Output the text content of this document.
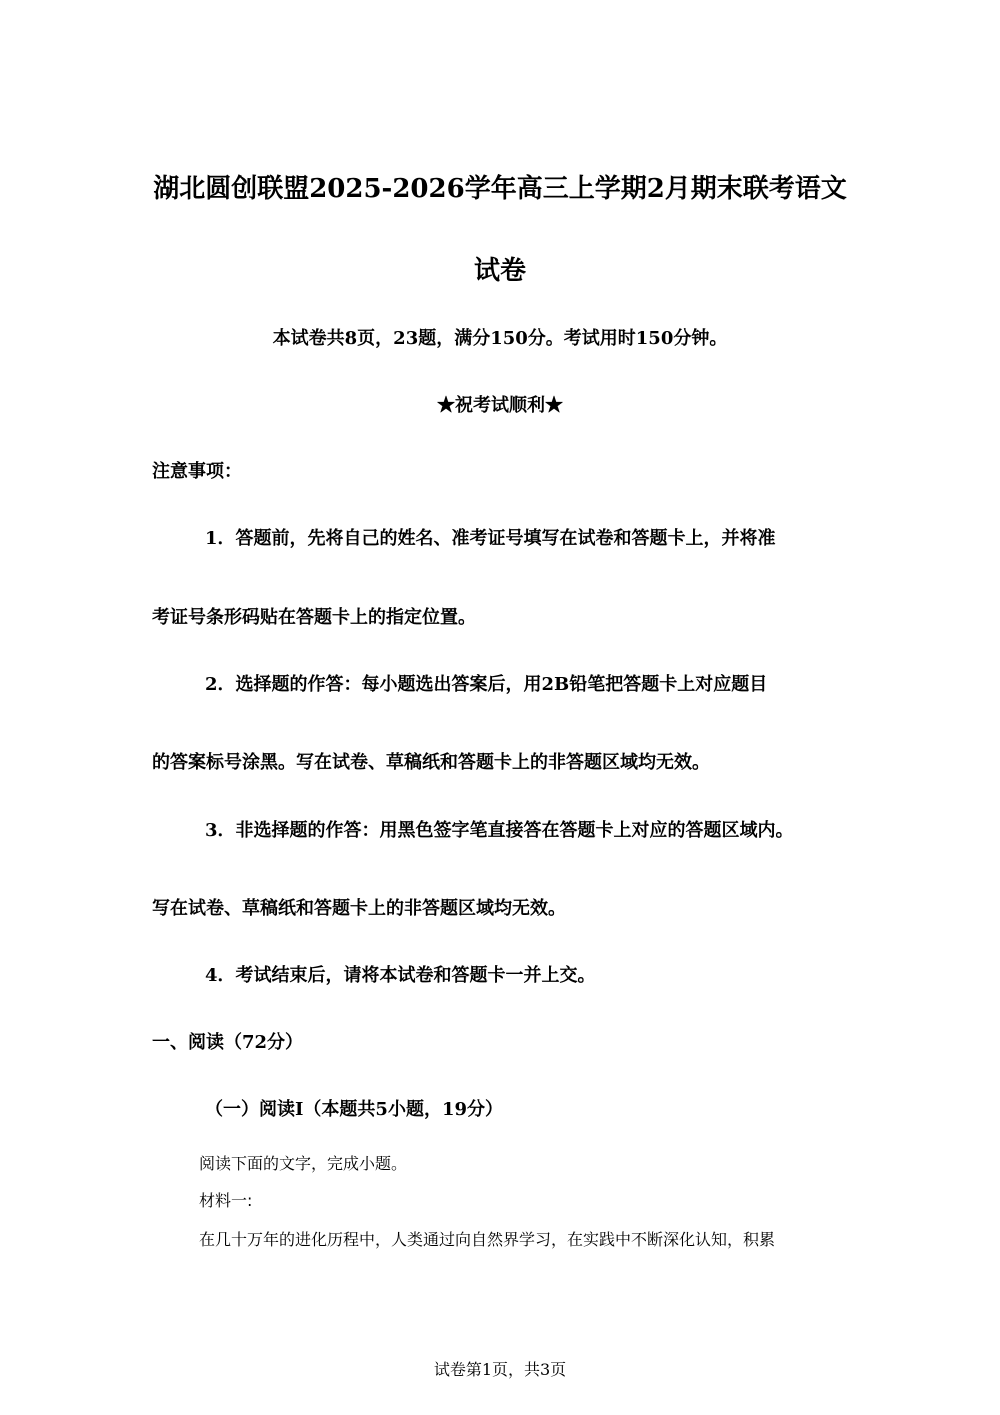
湖北圆创联盟2025-2026学年高三上学期2月期末联考语文
试卷
本试卷共8页，23题，满分150分。考试用时150分钟。
★祝考试顺利★
注意事项：
1．答题前，先将自己的姓名、准考证号填写在试卷和答题卡上，并将准
考证号条形码贴在答题卡上的指定位置。
2．选择题的作答：每小题选出答案后，用2B铅笔把答题卡上对应题目
的答案标号涂黑。写在试卷、草稿纸和答题卡上的非答题区域均无效。
3．非选择题的作答：用黑色签字笔直接答在答题卡上对应的答题区域内。
写在试卷、草稿纸和答题卡上的非答题区域均无效。
4．考试结束后，请将本试卷和答题卡一并上交。
一、阅读（72分）
（一）阅读Ⅰ（本题共5小题，19分）
阅读下面的文字，完成小题。
材料一:
在几十万年的进化历程中，人类通过向自然界学习，在实践中不断深化认知，积累
试卷第1页，共3页
